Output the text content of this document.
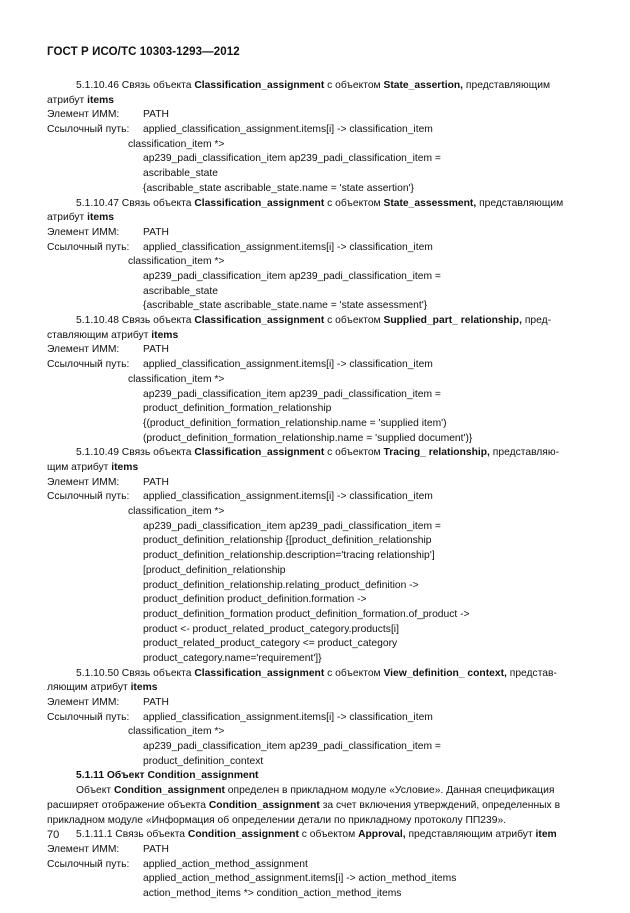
ГОСТ Р ИСО/ТС 10303-1293—2012
5.1.10.46 Связь объекта Classification_assignment с объектом State_assertion, представляющим
атрибут items
Элемент ИММ:	PATH
Ссылочный путь:	applied_classification_assignment.items[i] -> classification_item
classification_item *>
ap239_padi_classification_item ap239_padi_classification_item =
ascribable_state
{ascribable_state ascribable_state.name = 'state assertion'}
5.1.10.47 Связь объекта Classification_assignment с объектом State_assessment, представляющим
атрибут items
Элемент ИММ:	PATH
Ссылочный путь:	applied_classification_assignment.items[i] -> classification_item
classification_item *>
ap239_padi_classification_item ap239_padi_classification_item =
ascribable_state
{ascribable_state ascribable_state.name = 'state assessment'}
5.1.10.48 Связь объекта Classification_assignment с объектом Supplied_part_ relationship, пред-
ставляющим атрибут items
Элемент ИММ:	PATH
Ссылочный путь:	applied_classification_assignment.items[i] -> classification_item
classification_item *>
ap239_padi_classification_item ap239_padi_classification_item =
product_definition_formation_relationship
{(product_definition_formation_relationship.name = 'supplied item')
(product_definition_formation_relationship.name = 'supplied document')}
5.1.10.49 Связь объекта Classification_assignment с объектом Tracing_ relationship, представляю-
щим атрибут items
Элемент ИММ:	PATH
Ссылочный путь:	applied_classification_assignment.items[i] -> classification_item
classification_item *>
ap239_padi_classification_item ap239_padi_classification_item =
product_definition_relationship {[product_definition_relationship
product_definition_relationship.description='tracing relationship']
[product_definition_relationship
product_definition_relationship.relating_product_definition ->
product_definition product_definition.formation ->
product_definition_formation product_definition_formation.of_product ->
product <- product_related_product_category.products[i]
product_related_product_category <= product_category
product_category.name='requirement']}
5.1.10.50 Связь объекта Classification_assignment с объектом View_definition_ context, представ-
ляющим атрибут items
Элемент ИММ:	PATH
Ссылочный путь:	applied_classification_assignment.items[i] -> classification_item
classification_item *>
ap239_padi_classification_item ap239_padi_classification_item =
product_definition_context
5.1.11 Объект Condition_assignment
Объект Condition_assignment определен в прикладном модуле «Условие». Данная спецификация
расширяет отображение объекта Condition_assignment за счет включения утверждений, определенных в
прикладном модуле «Информация об определении детали по прикладному протоколу ПП239».
5.1.11.1 Связь объекта Condition_assignment с объектом Approval, представляющим атрибут item
Элемент ИММ:	PATH
Ссылочный путь:	applied_action_method_assignment
applied_action_method_assignment.items[i] -> action_method_items
action_method_items *> condition_action_method_items
70
